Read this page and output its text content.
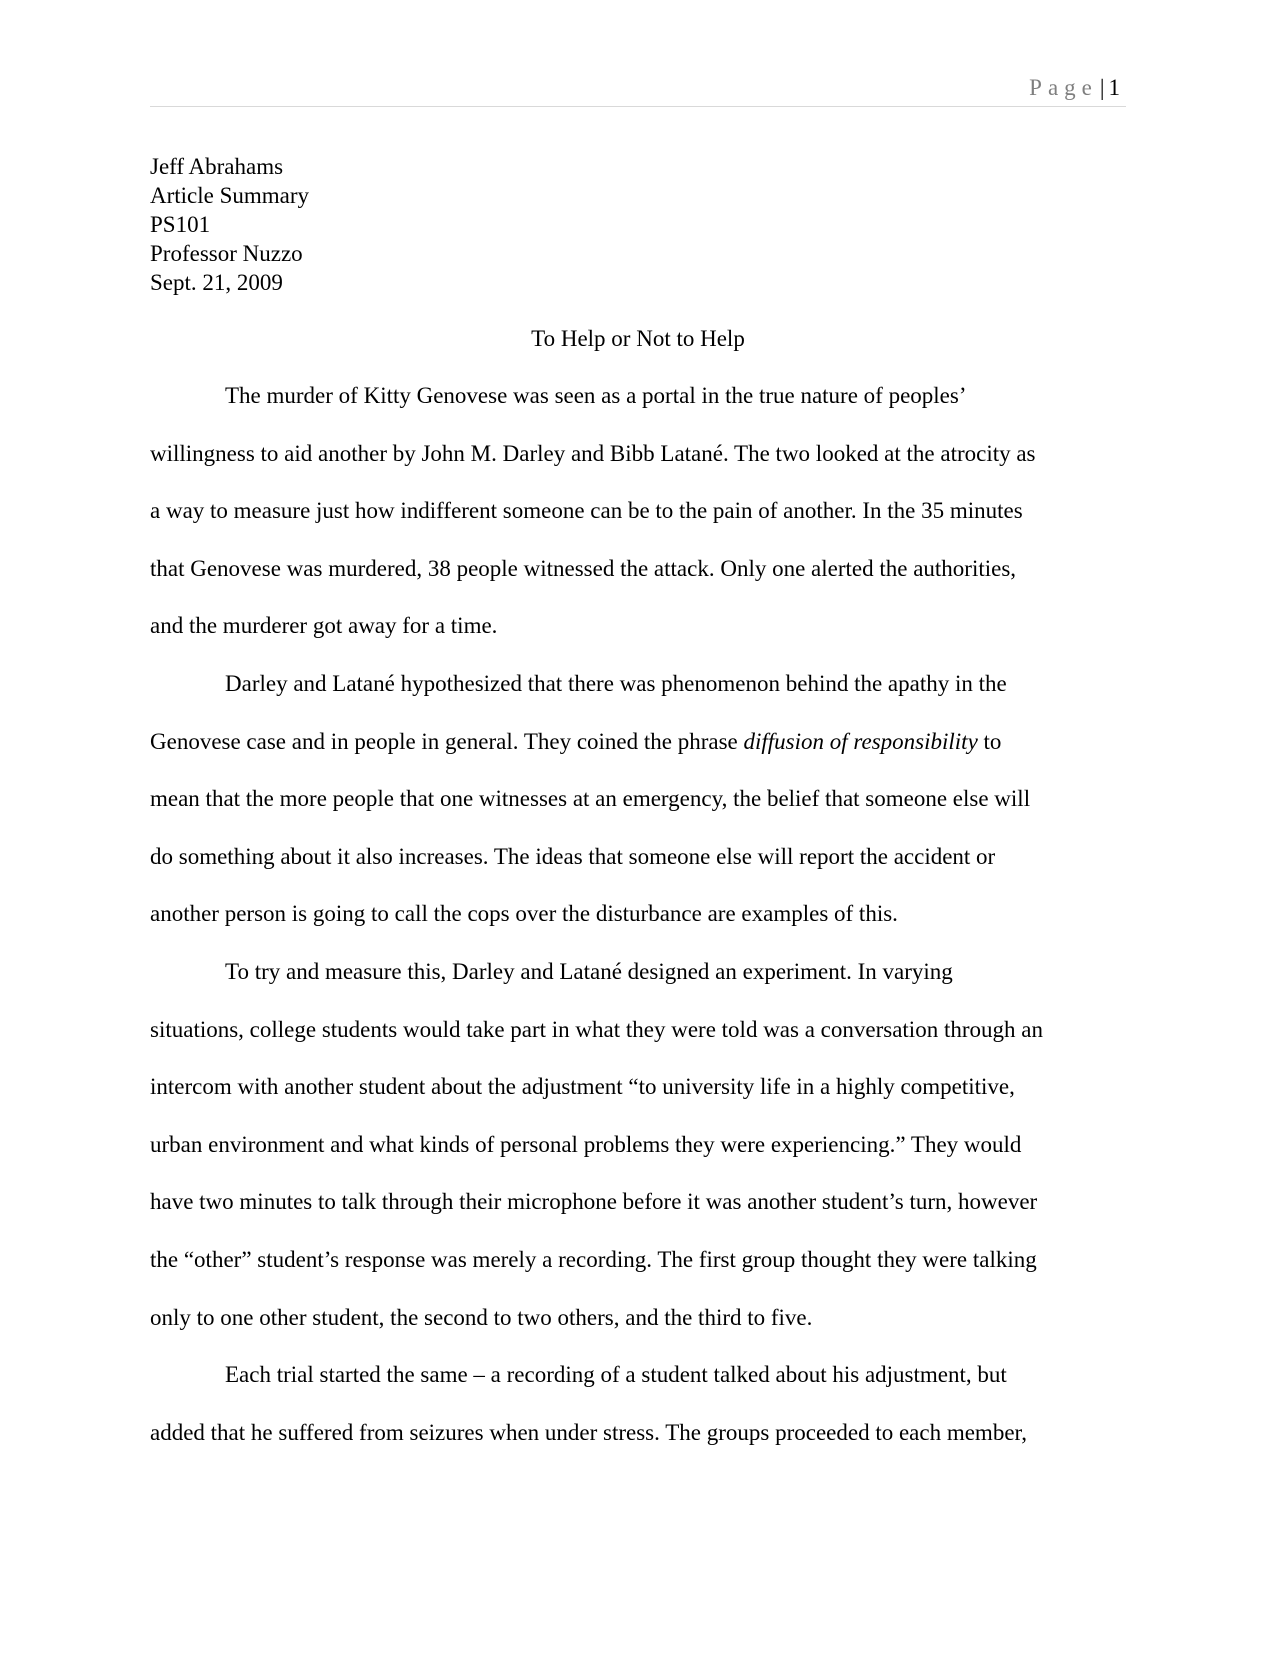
Page| 1
Jeff Abrahams
Article Summary
PS101
Professor Nuzzo
Sept. 21, 2009
To Help or Not to Help
The murder of Kitty Genovese was seen as a portal in the true nature of peoples’
willingness to aid another by John M. Darley and Bibb Latané. The two looked at the atrocity as
a way to measure just how indifferent someone can be to the pain of another. In the 35 minutes
that Genovese was murdered, 38 people witnessed the attack. Only one alerted the authorities,
and the murderer got away for a time.
Darley and Latané hypothesized that there was phenomenon behind the apathy in the
Genovese case and in people in general. They coined the phrase diffusion of responsibility to
mean that the more people that one witnesses at an emergency, the belief that someone else will
do something about it also increases. The ideas that someone else will report the accident or
another person is going to call the cops over the disturbance are examples of this.
To try and measure this, Darley and Latané designed an experiment. In varying
situations, college students would take part in what they were told was a conversation through an
intercom with another student about the adjustment “to university life in a highly competitive,
urban environment and what kinds of personal problems they were experiencing.” They would
have two minutes to talk through their microphone before it was another student’s turn, however
the “other” student’s response was merely a recording. The first group thought they were talking
only to one other student, the second to two others, and the third to five.
Each trial started the same – a recording of a student talked about his adjustment, but
added that he suffered from seizures when under stress. The groups proceeded to each member,
